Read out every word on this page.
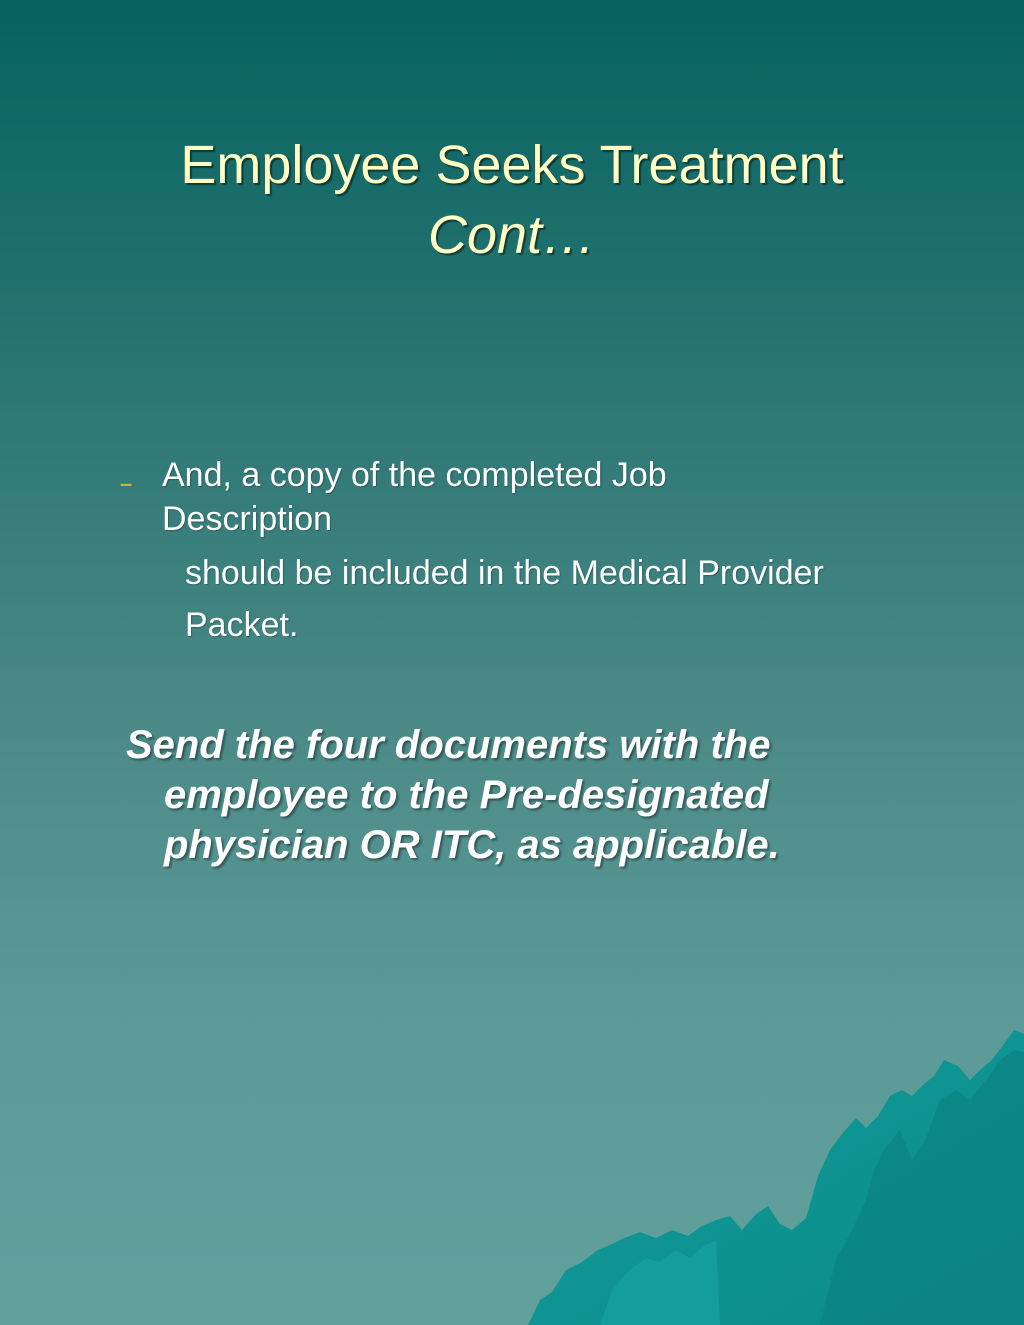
Employee Seeks Treatment
Cont…
– And, a copy of the completed Job Description
should be included in the Medical Provider
Packet.
Send the four documents with the
employee to the Pre-designated
physician OR ITC, as applicable.
